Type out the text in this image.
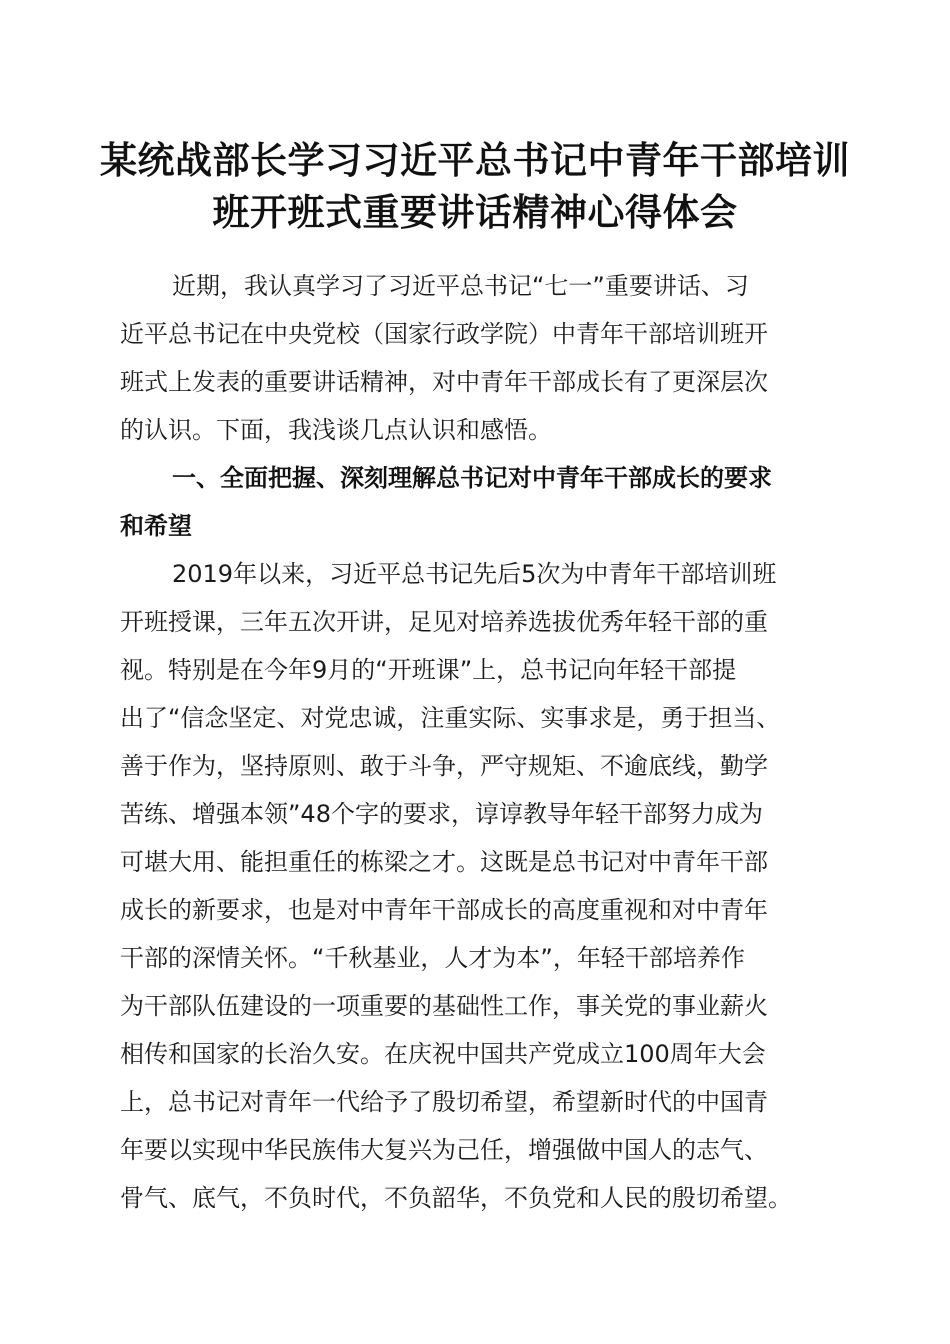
某统战部长学习习近平总书记中青年干部培训
班开班式重要讲话精神心得体会
近期，我认真学习了习近平总书记“七一”重要讲话、习
近平总书记在中央党校（国家行政学院）中青年干部培训班开
班式上发表的重要讲话精神，对中青年干部成长有了更深层次
的认识。下面，我浅谈几点认识和感悟。
一、全面把握、深刻理解总书记对中青年干部成长的要求
和希望
2019年以来，习近平总书记先后5次为中青年干部培训班
开班授课，三年五次开讲，足见对培养选拔优秀年轻干部的重
视。特别是在今年9月的“开班课”上，总书记向年轻干部提
出了“信念坚定、对党忠诚，注重实际、实事求是，勇于担当、
善于作为，坚持原则、敢于斗争，严守规矩、不逾底线，勤学
苦练、增强本领”48个字的要求，谆谆教导年轻干部努力成为
可堪大用、能担重任的栋梁之才。这既是总书记对中青年干部
成长的新要求，也是对中青年干部成长的高度重视和对中青年
干部的深情关怀。“千秋基业，人才为本”，年轻干部培养作
为干部队伍建设的一项重要的基础性工作，事关党的事业薪火
相传和国家的长治久安。在庆祝中国共产党成立100周年大会
上，总书记对青年一代给予了殷切希望，希望新时代的中国青
年要以实现中华民族伟大复兴为己任，增强做中国人的志气、
骨气、底气，不负时代，不负韶华，不负党和人民的殷切希望。
